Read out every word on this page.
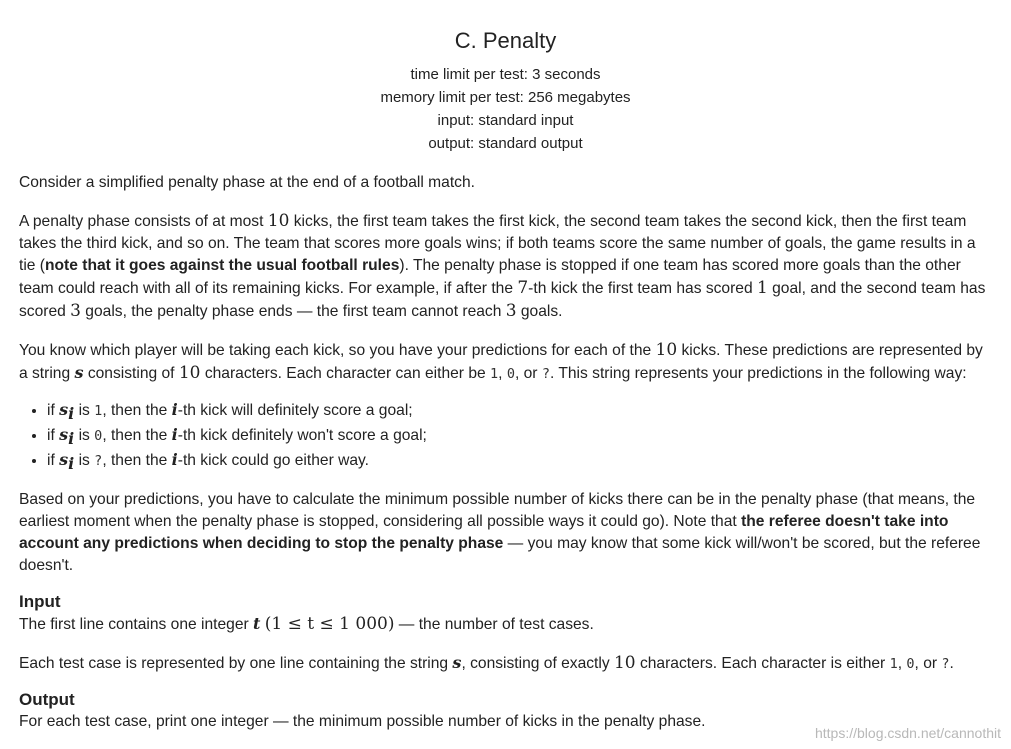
C. Penalty
time limit per test: 3 seconds
memory limit per test: 256 megabytes
input: standard input
output: standard output

Consider a simplified penalty phase at the end of a football match.

A penalty phase consists of at most 10 kicks, the first team takes the first kick, the second team takes the second kick, then the first team takes the third kick, and so on. The team that scores more goals wins; if both teams score the same number of goals, the game results in a tie (note that it goes against the usual football rules). The penalty phase is stopped if one team has scored more goals than the other team could reach with all of its remaining kicks. For example, if after the 7-th kick the first team has scored 1 goal, and the second team has scored 3 goals, the penalty phase ends — the first team cannot reach 3 goals.

You know which player will be taking each kick, so you have your predictions for each of the 10 kicks. These predictions are represented by a string s consisting of 10 characters. Each character can either be 1, 0, or ?. This string represents your predictions in the following way:

• if $s_i$ is 1, then the i-th kick will definitely score a goal;
• if $s_i$ is 0, then the i-th kick definitely won't score a goal;
• if $s_i$ is ?, then the i-th kick could go either way.

Based on your predictions, you have to calculate the minimum possible number of kicks there can be in the penalty phase (that means, the earliest moment when the penalty phase is stopped, considering all possible ways it could go). Note that the referee doesn't take into account any predictions when deciding to stop the penalty phase — you may know that some kick will/won't be scored, but the referee doesn't.

Input

The first line contains one integer t (1 ≤ t ≤ 1 000) — the number of test cases.

Each test case is represented by one line containing the string s, consisting of exactly 10 characters. Each character is either 1, 0, or ?.

Output

For each test case, print one integer — the minimum possible number of kicks in the penalty phase.

https://blog.csdn.net/cannothit
